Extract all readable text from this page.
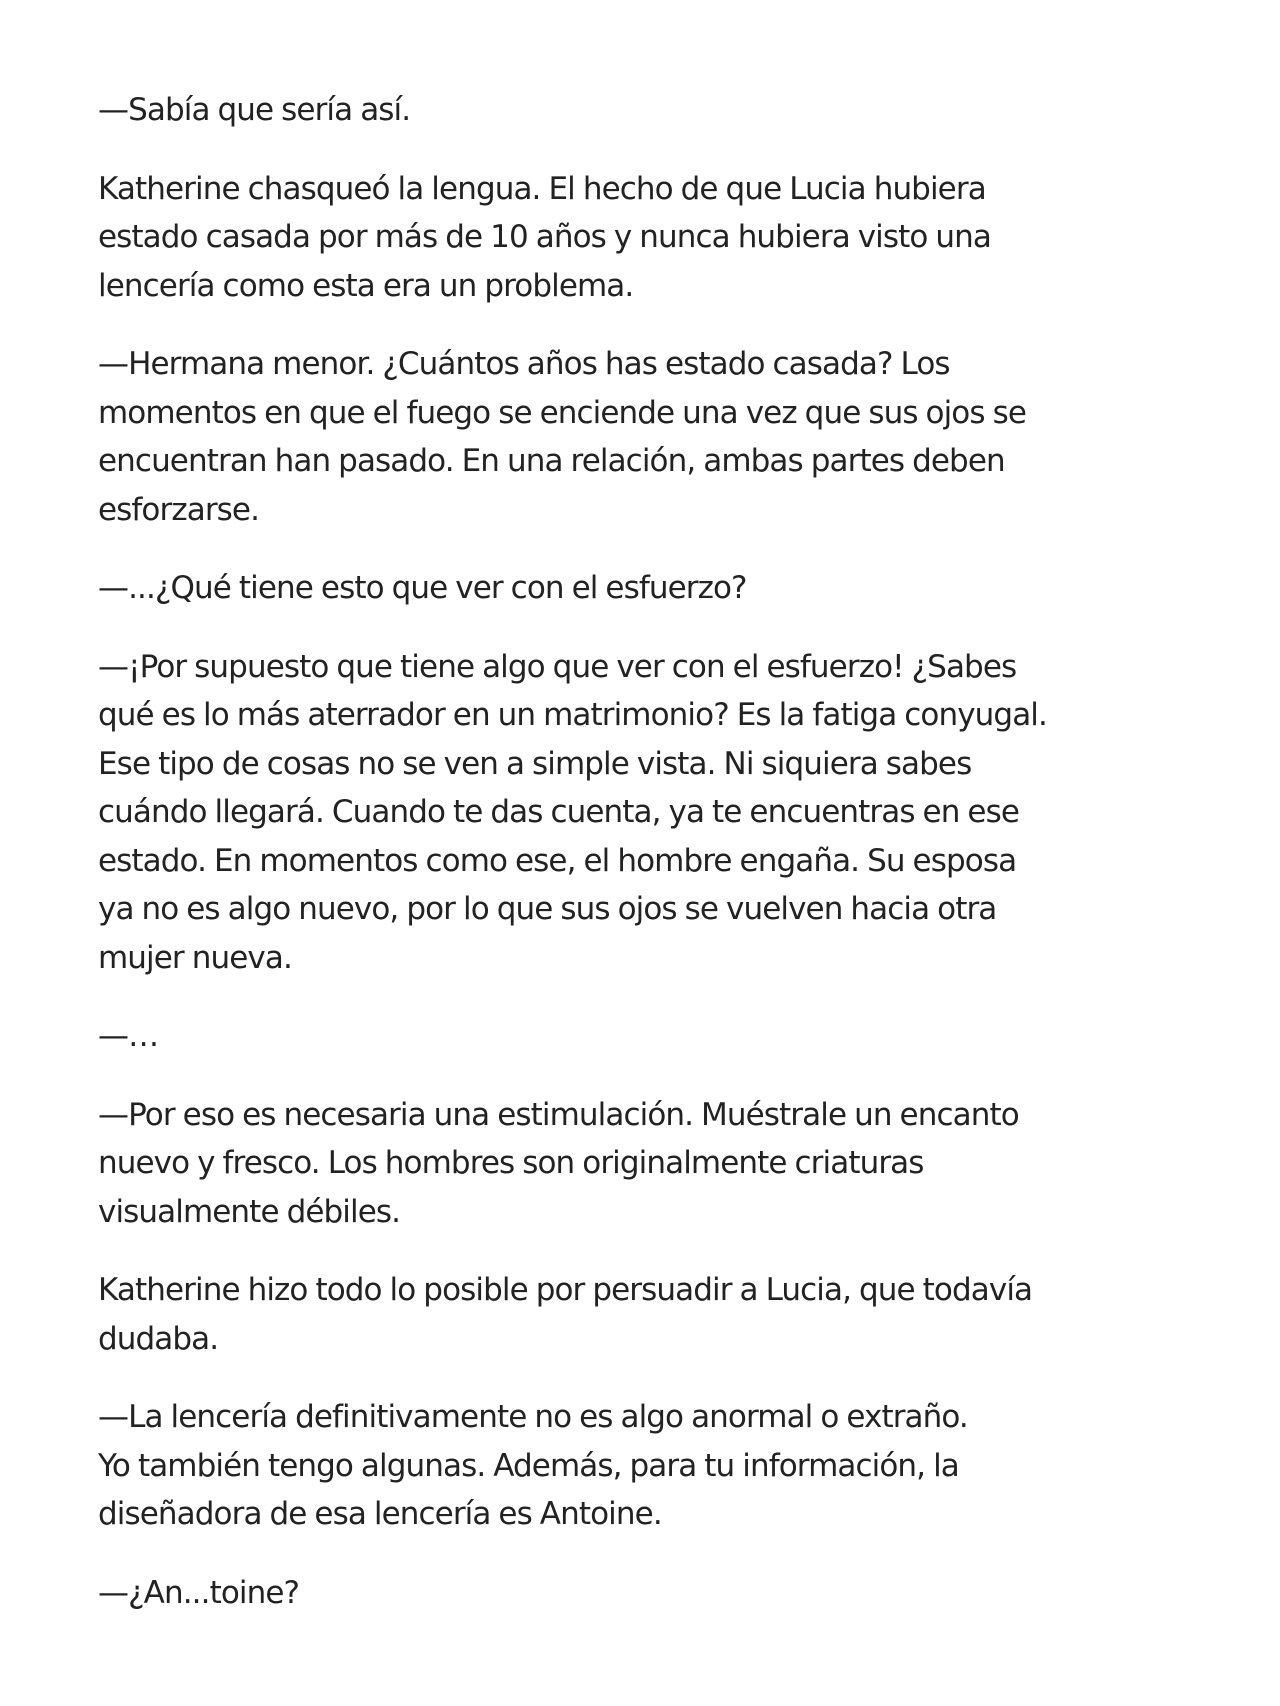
—Sabía que sería así.

Katherine chasqueó la lengua. El hecho de que Lucia hubiera
estado casada por más de 10 años y nunca hubiera visto una
lencería como esta era un problema.

—Hermana menor. ¿Cuántos años has estado casada? Los
momentos en que el fuego se enciende una vez que sus ojos se
encuentran han pasado. En una relación, ambas partes deben
esforzarse.

—...¿Qué tiene esto que ver con el esfuerzo?

—¡Por supuesto que tiene algo que ver con el esfuerzo! ¿Sabes
qué es lo más aterrador en un matrimonio? Es la fatiga conyugal.
Ese tipo de cosas no se ven a simple vista. Ni siquiera sabes
cuándo llegará. Cuando te das cuenta, ya te encuentras en ese
estado. En momentos como ese, el hombre engaña. Su esposa
ya no es algo nuevo, por lo que sus ojos se vuelven hacia otra
mujer nueva.

—…

—Por eso es necesaria una estimulación. Muéstrale un encanto
nuevo y fresco. Los hombres son originalmente criaturas
visualmente débiles.

Katherine hizo todo lo posible por persuadir a Lucia, que todavía
dudaba.

—La lencería definitivamente no es algo anormal o extraño.
Yo también tengo algunas. Además, para tu información, la
diseñadora de esa lencería es Antoine.

—¿An...toine?
